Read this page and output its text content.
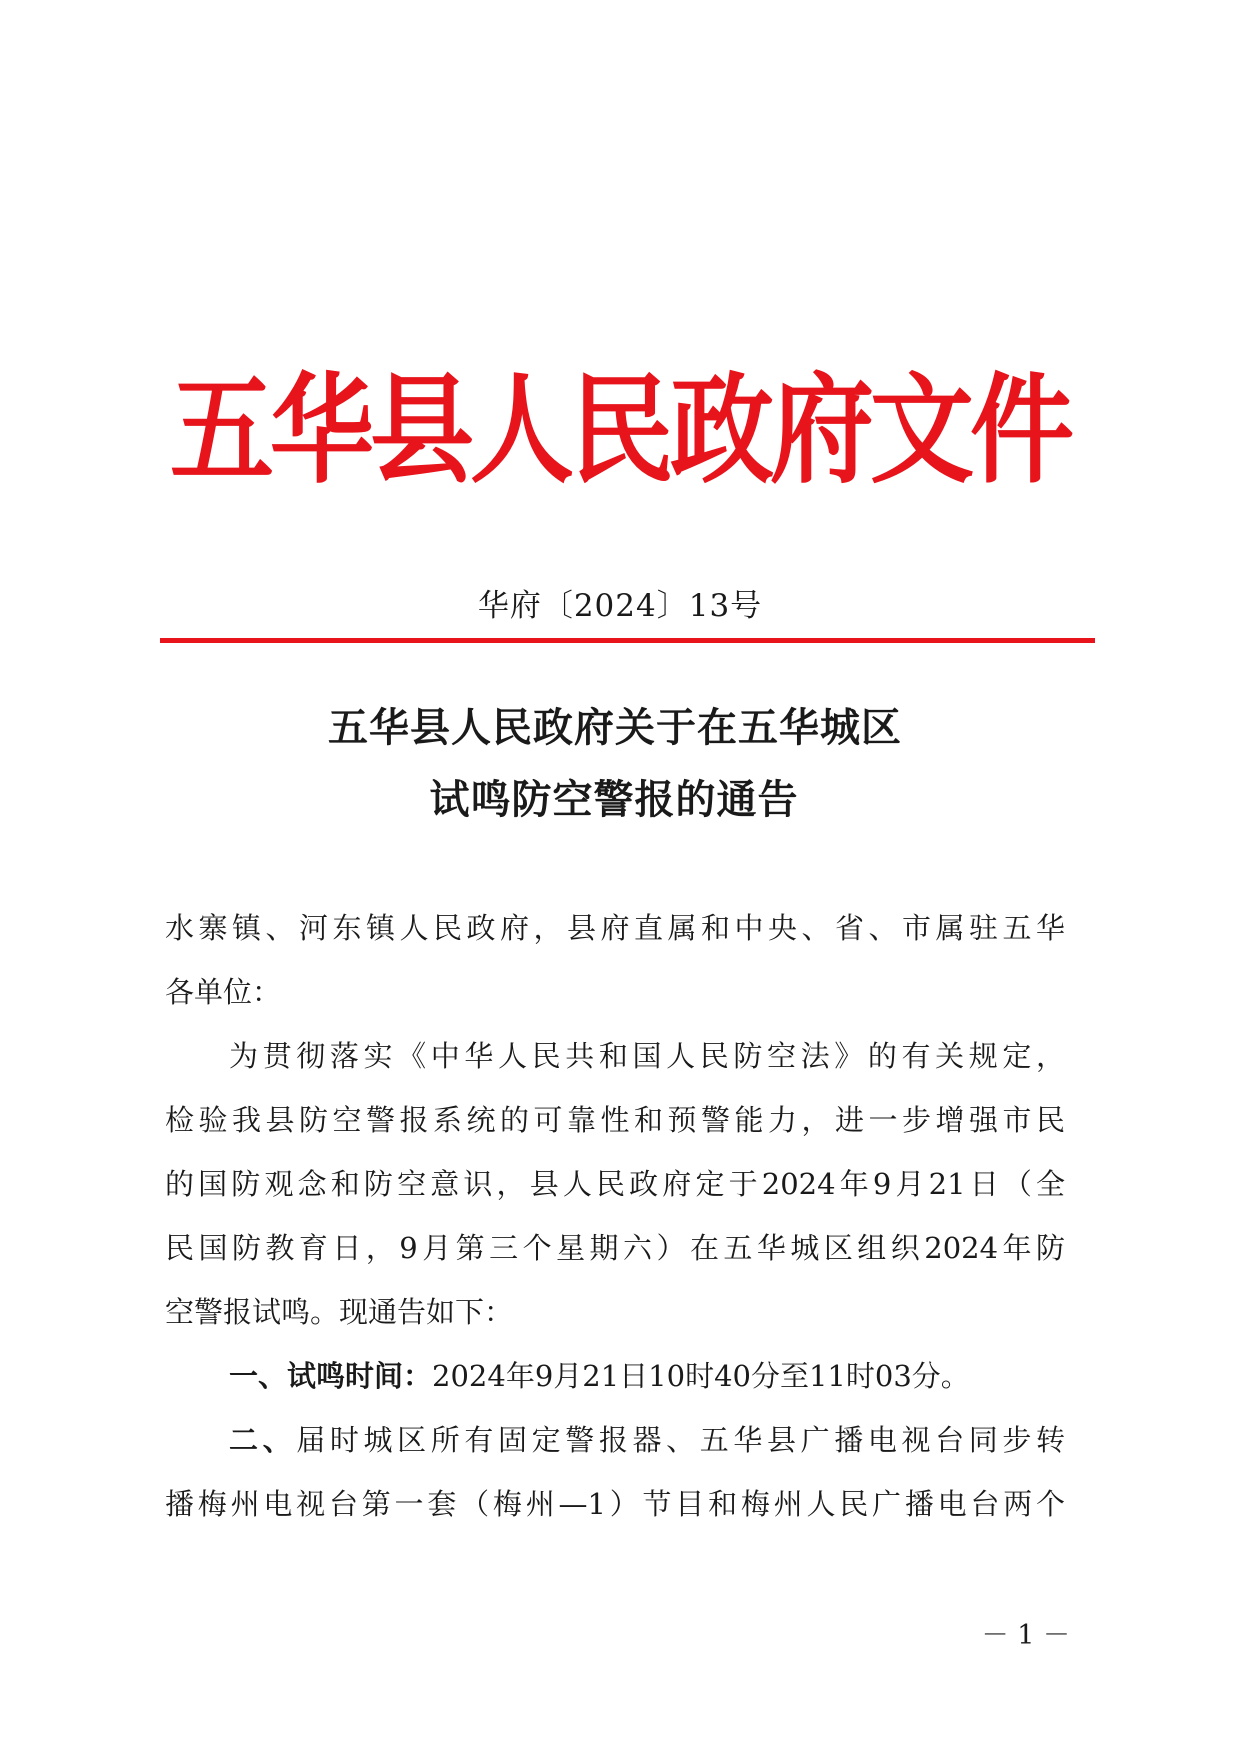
五华县人民政府文件
华府〔2024〕13号
五华县人民政府关于在五华城区
试鸣防空警报的通告
水寨镇、河东镇人民政府，县府直属和中央、省、市属驻五华
各单位：
为贯彻落实《中华人民共和国人民防空法》的有关规定，
检验我县防空警报系统的可靠性和预警能力，进一步增强市民
的国防观念和防空意识，县人民政府定于2024年9月21日（全
民国防教育日，9月第三个星期六）在五华城区组织2024年防
空警报试鸣。现通告如下：
一、试鸣时间：2024年9月21日10时40分至11时03分。
二、届时城区所有固定警报器、五华县广播电视台同步转
播梅州电视台第一套（梅州—1）节目和梅州人民广播电台两个
－ 1 －
